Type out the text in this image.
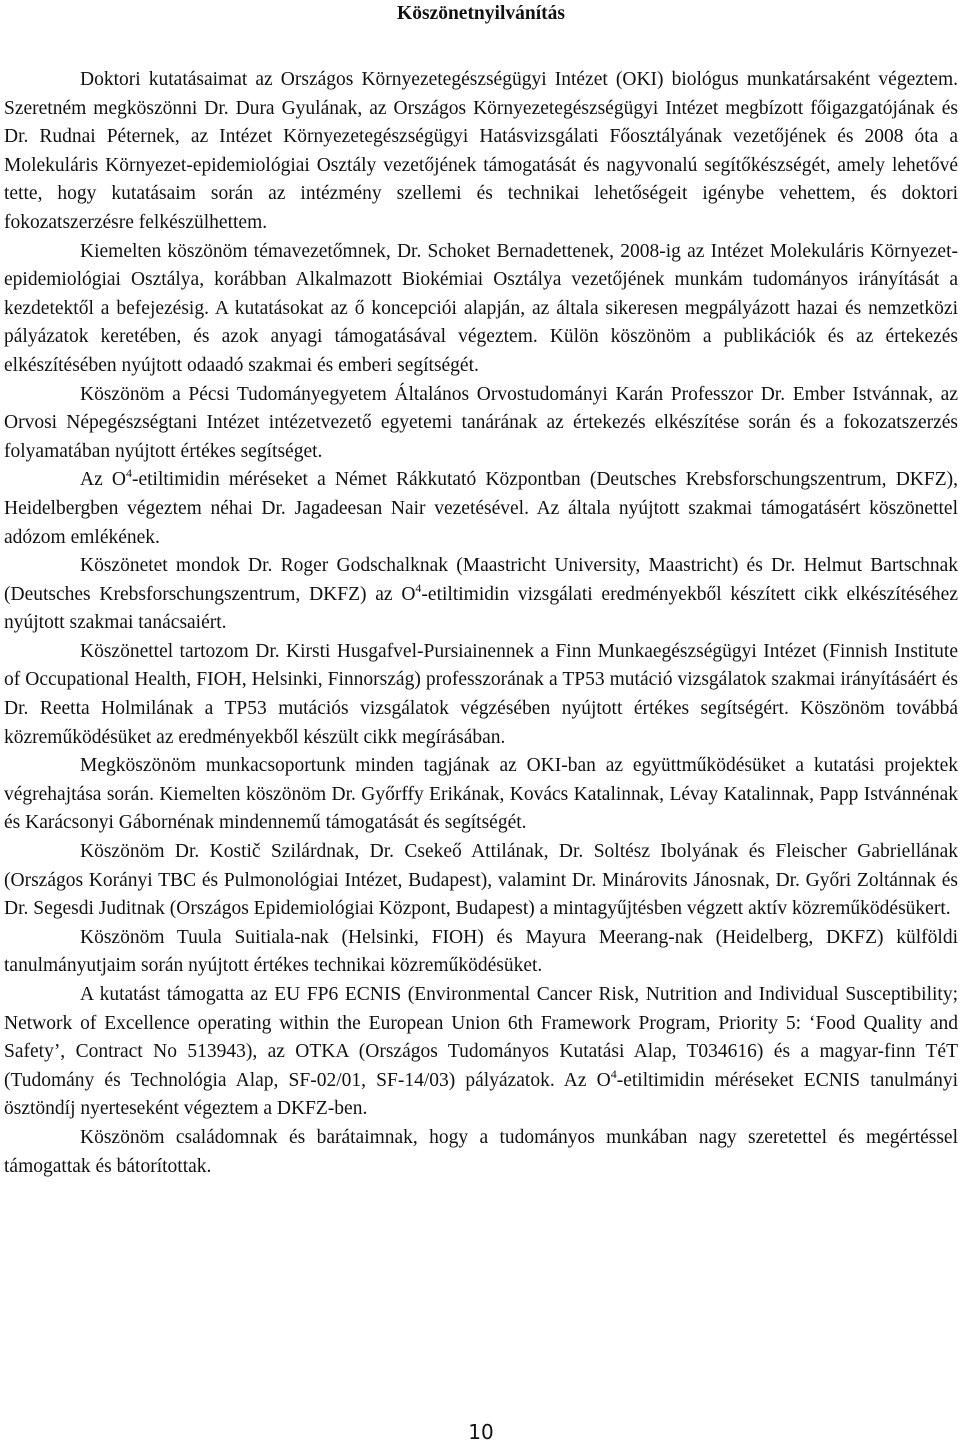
Köszönetnyilvánítás

Doktori kutatásaimat az Országos Környezetegészségügyi Intézet (OKI) biológus munkatársaként végeztem. Szeretném megköszönni Dr. Dura Gyulának, az Országos Környezetegészségügyi Intézet megbízott főigazgatójának és Dr. Rudnai Péternek, az Intézet Környezetegészségügyi Hatásvizsgálati Főosztályának vezetőjének és 2008 óta a Molekuláris Környezet-epidemiológiai Osztály vezetőjének támogatását és nagyvonalú segítőkészségét, amely lehetővé tette, hogy kutatásaim során az intézmény szellemi és technikai lehetőségeit igénybe vehettem, és doktori fokozatszerzésre felkészülhettem.

Kiemelten köszönöm témavezetőmnek, Dr. Schoket Bernadettenek, 2008-ig az Intézet Molekuláris Környezet-epidemiológiai Osztálya, korábban Alkalmazott Biokémiai Osztálya vezetőjének munkám tudományos irányítását a kezdetektől a befejezésig. A kutatásokat az ő koncepciói alapján, az általa sikeresen megpályázott hazai és nemzetközi pályázatok keretében, és azok anyagi támogatásával végeztem. Külön köszönöm a publikációk és az értekezés elkészítésében nyújtott odaadó szakmai és emberi segítségét.

Köszönöm a Pécsi Tudományegyetem Általános Orvostudományi Karán Professzor Dr. Ember Istvánnak, az Orvosi Népegészségtani Intézet intézetvezető egyetemi tanárának az értekezés elkészítése során és a fokozatszerzés folyamatában nyújtott értékes segítséget.

Az $O^4$-etiltimidin méréseket a Német Rákkutató Központban (Deutsches Krebsforschungszentrum, DKFZ), Heidelbergben végeztem néhai Dr. Jagadeesan Nair vezetésével. Az általa nyújtott szakmai támogatásért köszönettel adózom emlékének.

Köszönetet mondok Dr. Roger Godschalknak (Maastricht University, Maastricht) és Dr. Helmut Bartschnak (Deutsches Krebsforschungszentrum, DKFZ) az $O^4$-etiltimidin vizsgálati eredményekből készített cikk elkészítéséhez nyújtott szakmai tanácsaiért.

Köszönettel tartozom Dr. Kirsti Husgafvel-Pursiainennek a Finn Munkaegészségügyi Intézet (Finnish Institute of Occupational Health, FIOH, Helsinki, Finnország) professzorának a TP53 mutáció vizsgálatok szakmai irányításáért és Dr. Reetta Holmilának a TP53 mutációs vizsgálatok végzésében nyújtott értékes segítségért. Köszönöm továbbá közreműködésüket az eredményekből készült cikk megírásában.

Megköszönöm munkacsoportunk minden tagjának az OKI-ban az együttműködésüket a kutatási projektek végrehajtása során. Kiemelten köszönöm Dr. Győrffy Erikának, Kovács Katalinnak, Lévay Katalinnak, Papp Istvánnénak és Karácsonyi Gábornénak mindennemű támogatását és segítségét.

Köszönöm Dr. Kostič Szilárdnak, Dr. Csekeő Attilának, Dr. Soltész Ibolyának és Fleischer Gabriellának (Országos Korányi TBC és Pulmonológiai Intézet, Budapest), valamint Dr. Minárovits Jánosnak, Dr. Győri Zoltánnak és Dr. Segesdi Juditnak (Országos Epidemiológiai Központ, Budapest) a mintagyűjtésben végzett aktív közreműködésükert.

Köszönöm Tuula Suitiala-nak (Helsinki, FIOH) és Mayura Meerang-nak (Heidelberg, DKFZ) külföldi tanulmányutjaim során nyújtott értékes technikai közreműködésüket.

A kutatást támogatta az EU FP6 ECNIS (Environmental Cancer Risk, Nutrition and Individual Susceptibility; Network of Excellence operating within the European Union 6th Framework Program, Priority 5: ‘Food Quality and Safety’, Contract No 513943), az OTKA (Országos Tudományos Kutatási Alap, T034616) és a magyar-finn TéT (Tudomány és Technológia Alap, SF-02/01, SF-14/03) pályázatok. Az $O^4$-etiltimidin méréseket ECNIS tanulmányi ösztöndíj nyerteseként végeztem a DKFZ-ben.

Köszönöm családomnak és barátaimnak, hogy a tudományos munkában nagy szeretettel és megértéssel támogattak és bátorítottak.

10
